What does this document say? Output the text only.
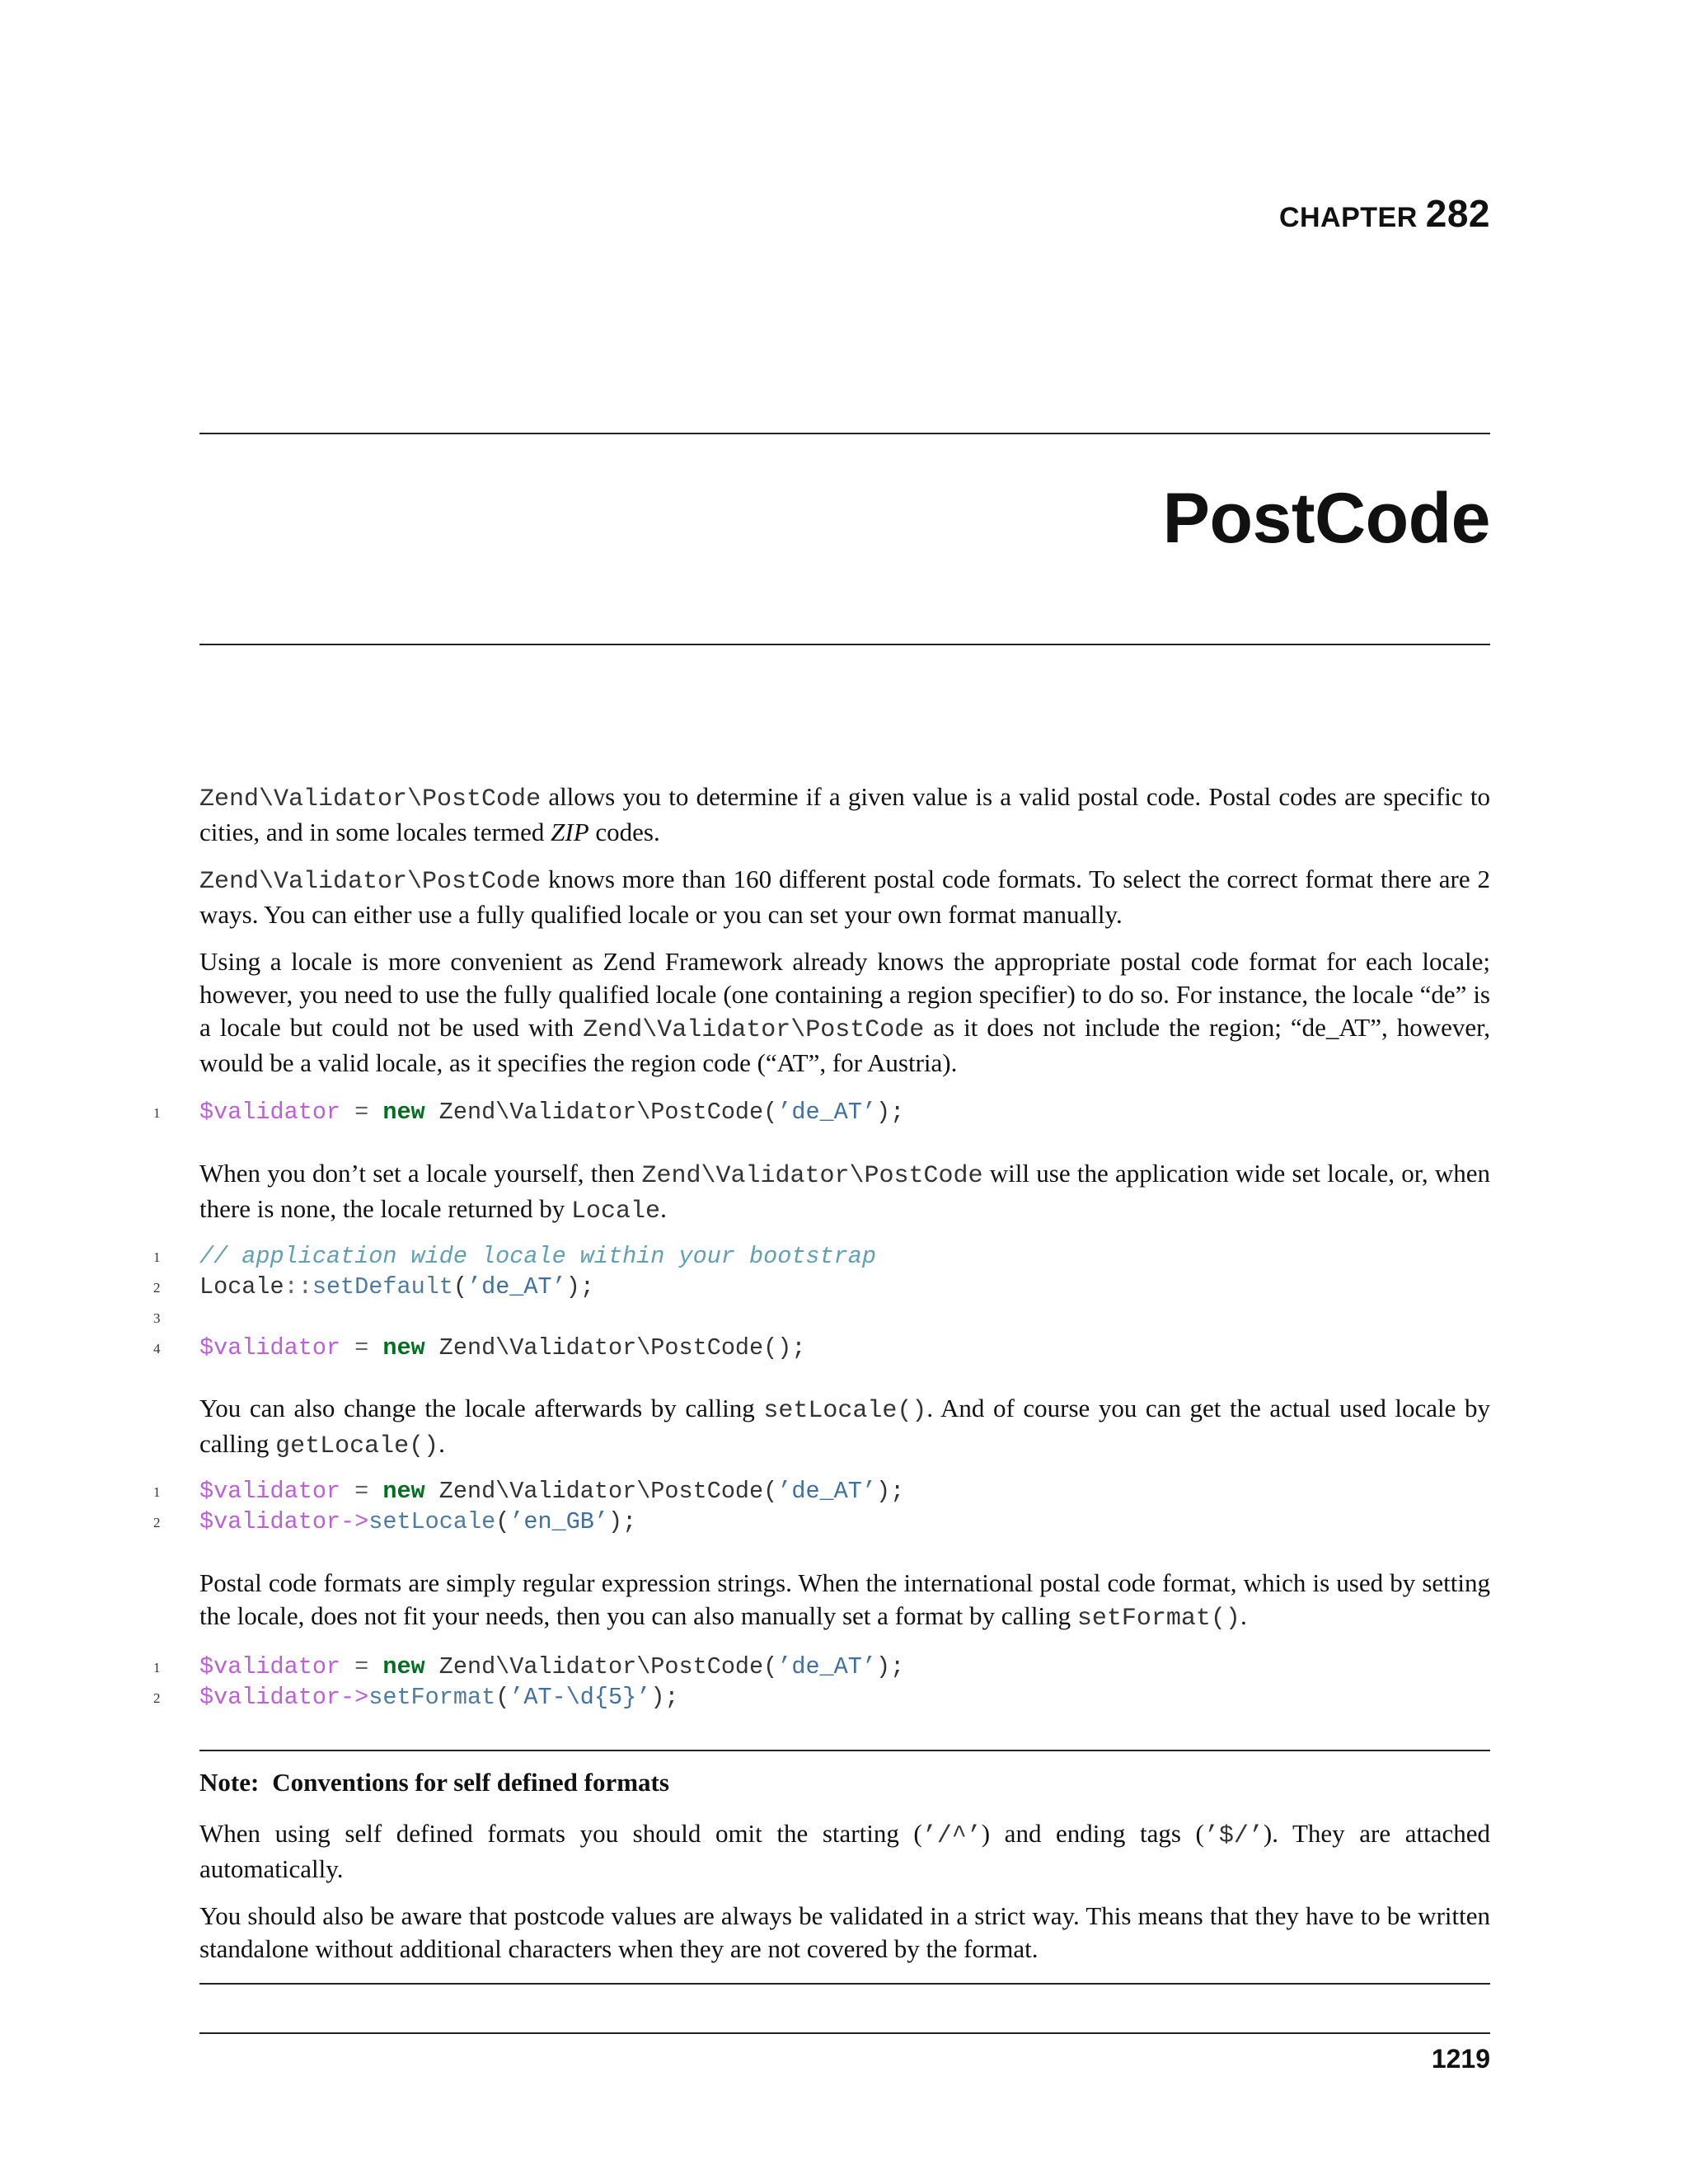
CHAPTER 282
PostCode

Zend\Validator\PostCode allows you to determine if a given value is a valid postal code. Postal codes are specific to cities, and in some locales termed ZIP codes.

Zend\Validator\PostCode knows more than 160 different postal code formats. To select the correct format there are 2 ways. You can either use a fully qualified locale or you can set your own format manually.

Using a locale is more convenient as Zend Framework already knows the appropriate postal code format for each locale; however, you need to use the fully qualified locale (one containing a region specifier) to do so. For instance, the locale “de” is a locale but could not be used with Zend\Validator\PostCode as it does not include the region; “de_AT”, however, would be a valid locale, as it specifies the region code (“AT”, for Austria).

1	$validator = new Zend\Validator\PostCode( ’de_AT’ );

When you don’t set a locale yourself, then Zend\Validator\PostCode will use the application wide set locale, or, when there is none, the locale returned by Locale.

1	// application wide locale within your bootstrap
2	Locale :: setDefault ( ’de_AT’ );
3
4	$validator = new Zend\Validator\PostCode();

You can also change the locale afterwards by calling setLocale(). And of course you can get the actual used locale by calling getLocale().

1	$validator = new Zend\Validator\PostCode( ’de_AT’ );
2	$validator -> setLocale ( ’en_GB’ );

Postal code formats are simply regular expression strings. When the international postal code format, which is used by setting the locale, does not fit your needs, then you can also manually set a format by calling setFormat().

1	$validator = new Zend\Validator\PostCode( ’de_AT’ );
2	$validator -> setFormat ( ’AT-\d{5}’ );
Note: Conventions for self defined formats

When using self defined formats you should omit the starting (’/^’) and ending tags (’$/’). They are attached automatically.

You should also be aware that postcode values are always be validated in a strict way. This means that they have to be written standalone without additional characters when they are not covered by the format.

1219
